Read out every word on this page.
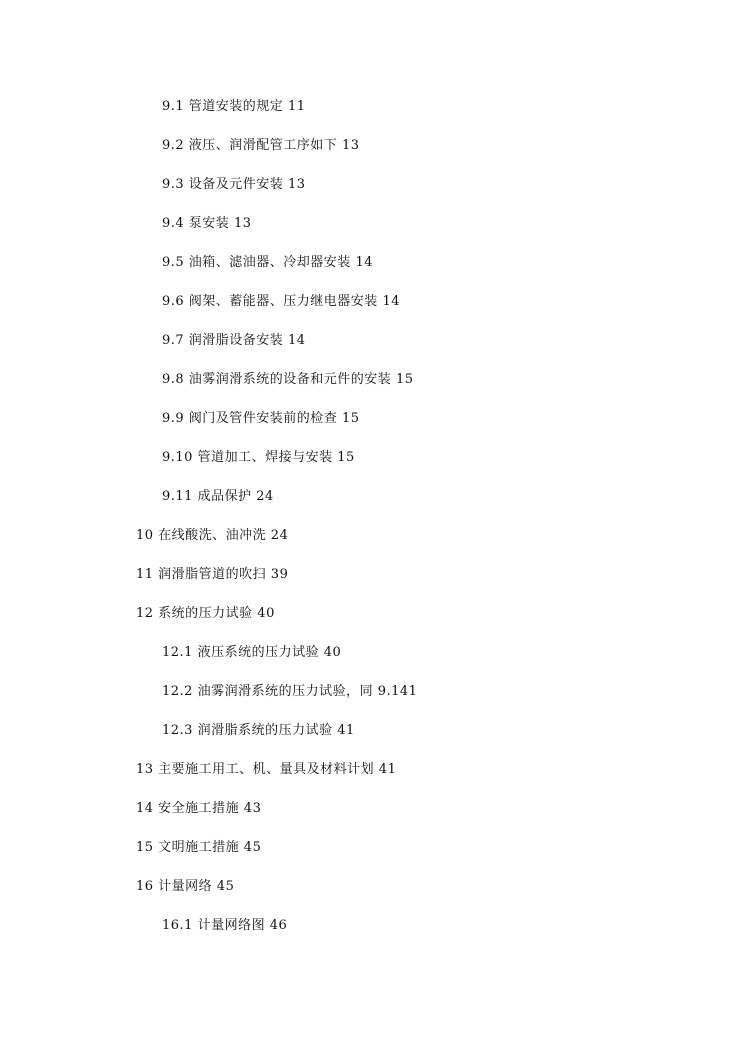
9.1 管道安装的规定 11
9.2 液压、润滑配管工序如下 13
9.3 设备及元件安装 13
9.4 泵安装 13
9.5 油箱、滤油器、冷却器安装 14
9.6 阀架、蓄能器、压力继电器安装 14
9.7 润滑脂设备安装 14
9.8 油雾润滑系统的设备和元件的安装 15
9.9 阀门及管件安装前的检查 15
9.10 管道加工、焊接与安装 15
9.11 成品保护 24
10 在线酸洗、油冲洗 24
11 润滑脂管道的吹扫 39
12 系统的压力试验 40
12.1 液压系统的压力试验 40
12.2 油雾润滑系统的压力试验，同 9.141
12.3 润滑脂系统的压力试验 41
13 主要施工用工、机、量具及材料计划 41
14 安全施工措施 43
15 文明施工措施 45
16 计量网络 45
16.1 计量网络图 46
